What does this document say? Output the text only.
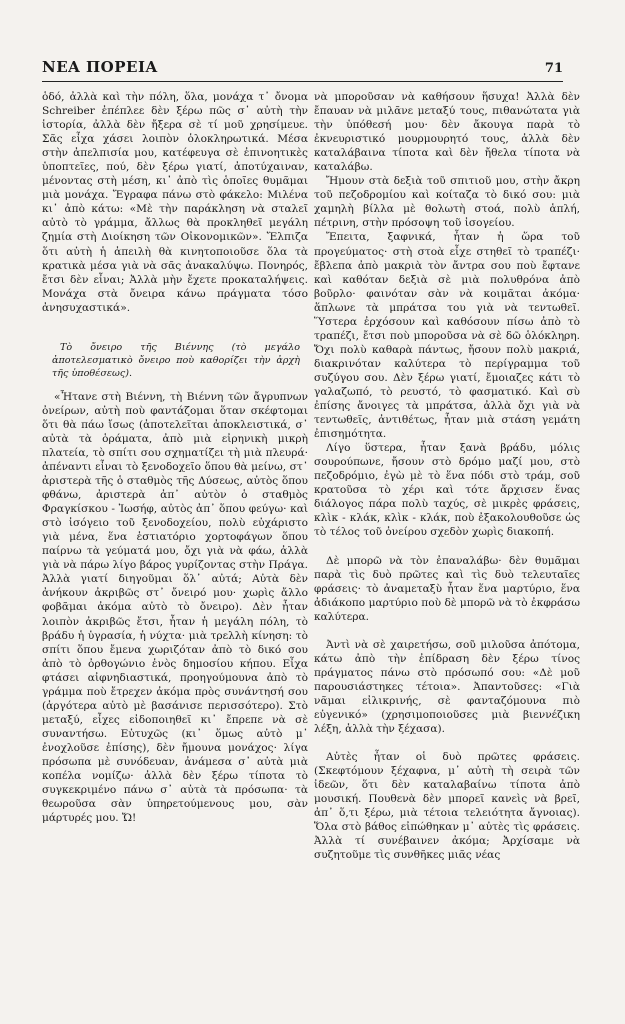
ΝΕΑ ΠΟΡΕΙΑ	71

ὁδό, ἀλλὰ καὶ τὴν πόλη, ὅλα, μονάχα τ᾽ ὄνομα Schreiber ἐπέπλεε δὲν ξέρω πῶς σ᾽ αὐτὴ τὴν ἱστορία, ἀλλὰ δὲν ἤξερα σὲ τί μοῦ χρησίμευε. Σᾶς εἶχα χάσει λοιπὸν ὁλοκληρωτικά. Μέσα στὴν ἀπελπισία μου, κατέφευγα σὲ ἐπινοητικὲς ὑποπτεῖες, πού, δὲν ξέρω γιατί, ἀποτύχαιναν, μένοντας στὴ μέση, κι᾽ ἀπὸ τὶς ὁποῖες θυμᾶμαι μιὰ μονάχα. Ἔγραφα πάνω στὸ φάκελο: Μιλένα κι᾽ ἀπὸ κάτω: «Μὲ τὴν παράκληση νὰ σταλεῖ αὐτὸ τὸ γράμμα, ἄλλως θὰ προκληθεῖ μεγάλη ζημία στὴ Διοίκηση τῶν Οἰκονομικῶν». Ἔλπιζα ὅτι αὐτὴ ἡ ἀπειλὴ θὰ κινητοποιοῦσε ὅλα τὰ κρατικὰ μέσα γιὰ νὰ σᾶς ἀνακαλύψω. Πονηρός, ἔτσι δὲν εἶναι; Ἀλλὰ μὴν ἔχετε προκαταλήψεις. Μονάχα στὰ ὄνειρα κάνω πράγματα τόσο ἀνησυχαστικά».

Τὸ ὄνειρο τῆς Βιέννης (τὸ μεγάλο ἀποτελεσματικὸ ὄνειρο ποὺ καθορίζει τὴν ἀρχὴ τῆς ὑποθέσεως).

«Ἦτανε στὴ Βιέννη, τὴ Βιέννη τῶν ἄγρυπνων ὀνείρων, αὐτὴ ποὺ φαντάζομαι ὅταν σκέφτομαι ὅτι θὰ πάω ἴσως (ἀποτελεῖται ἀποκλειστικά, σ᾽ αὐτὰ τὰ ὁράματα, ἀπὸ μιὰ εἰρηνικὴ μικρὴ πλατεία, τὸ σπίτι σου σχηματίζει τὴ μιὰ πλευρά· ἀπέναντι εἶναι τὸ ξενοδοχεῖο ὅπου θὰ μείνω, στ᾽ ἀριστερὰ τῆς ὁ σταθμὸς τῆς Δύσεως, αὐτὸς ὅπου φθάνω, ἀριστερὰ ἀπ᾽ αὐτὸν ὁ σταθμὸς Φραγκίσκου - Ἰωσήφ, αὐτὸς ἀπ᾽ ὅπου φεύγω· καὶ στὸ ἰσόγειο τοῦ ξενοδοχείου, πολὺ εὐχάριστο γιὰ μένα, ἕνα ἑστιατόριο χορτοφάγων ὅπου παίρνω τὰ γεύματά μου, ὄχι γιὰ νὰ φάω, ἀλλὰ γιὰ νὰ πάρω λίγο βάρος γυρίζοντας στὴν Πράγα. Ἀλλὰ γιατί διηγοῦμαι ὅλ᾽ αὐτά; Αὐτὰ δὲν ἀνήκουν ἀκριβῶς στ᾽ ὄνειρό μου· χωρὶς ἄλλο φοβᾶμαι ἀκόμα αὐτὸ τὸ ὄνειρο). Δὲν ἦταν λοιπὸν ἀκριβῶς ἔτσι, ἦταν ἡ μεγάλη πόλη, τὸ βράδυ ἡ ὑγρασία, ἡ νύχτα· μιὰ τρελλὴ κίνηση: τὸ σπίτι ὅπου ἔμενα χωριζόταν ἀπὸ τὸ δικό σου ἀπὸ τὸ ὀρθογώνιο ἑνὸς δημοσίου κήπου. Εἶχα φτάσει αἰφνηδιαστικά, προηγούμουνα ἀπὸ τὸ γράμμα ποὺ ἔτρεχεν ἀκόμα πρὸς συνάντησή σου (ἀργότερα αὐτὸ μὲ βασάνισε περισσότερο). Στὸ μεταξύ, εἶχες εἰδοποιηθεῖ κι᾽ ἔπρεπε νὰ σὲ συναντήσω. Εὐτυχῶς (κι᾽ ὅμως αὐτὸ μ᾽ ἐνοχλοῦσε ἐπίσης), δὲν ἤμουνα μονάχος· λίγα πρόσωπα μὲ συνόδευαν, ἀνάμεσα σ᾽ αὐτὰ μιὰ κοπέλα νομίζω· ἀλλὰ δὲν ξέρω τίποτα τὸ συγκεκριμένο πάνω σ᾽ αὐτὰ τὰ πρόσωπα· τὰ θεωροῦσα σὰν ὑπηρετούμενους μου, σὰν μάρτυρές μου. Ὤ!

νὰ μποροῦσαν νὰ καθήσουν ἥσυχα! Ἀλλὰ δὲν ἔπαυαν νὰ μιλᾶνε μεταξύ τους, πιθανώτατα γιὰ τὴν ὑπόθεσή μου· δὲν ἄκουγα παρὰ τὸ ἐκνευριστικό μουρμουρητό τους, ἀλλὰ δὲν καταλάβαινα τίποτα καὶ δὲν ἤθελα τίποτα νὰ καταλάβω.

Ἤμουν στὰ δεξιὰ τοῦ σπιτιοῦ μου, στὴν ἄκρη τοῦ πεζοδρομίου καὶ κοίταζα τὸ δικό σου: μιὰ χαμηλὴ βίλλα μὲ θολωτὴ στοά, πολὺ ἁπλή, πέτρινη, στὴν πρόσοψη τοῦ ἰσογείου.

Ἔπειτα, ξαφνικά, ἦταν ἡ ὥρα τοῦ προγεύματος· στὴ στοὰ εἶχε στηθεῖ τὸ τραπέζι· ἔβλεπα ἀπὸ μακριὰ τὸν ἄντρα σου ποὺ ἔφτανε καὶ καθόταν δεξιὰ σὲ μιὰ πολυθρόνα ἀπὸ βοῦρλο· φαινόταν σὰν νὰ κοιμᾶται ἀκόμα· ἅπλωνε τὰ μπράτσα του γιὰ νὰ τεντωθεῖ. Ὕστερα ἐρχόσουν καὶ καθόσουν πίσω ἀπὸ τὸ τραπέζι, ἔτσι ποὺ μποροῦσα νὰ σὲ δῶ ὁλόκληρη. Ὄχι πολὺ καθαρὰ πάντως, ἤσουν πολὺ μακριά, διακρινόταν καλύτερα τὸ περίγραμμα τοῦ συζύγου σου. Δὲν ξέρω γιατί, ἔμοιαζες κάτι τὸ γαλαζωπό, τὸ ρευστό, τὸ φασματικό. Καὶ σὺ ἐπίσης ἄνοιγες τὰ μπράτσα, ἀλλὰ ὄχι γιὰ νὰ τεντωθεῖς, ἀντιθέτως, ἦταν μιὰ στάση γεμάτη ἐπισημότητα.

Λίγο ὕστερα, ἦταν ξανὰ βράδυ, μόλις σουρούπωνε, ἤσουν στὸ δρόμο μαζί μου, στὸ πεζοδρόμιο, ἐγὼ μὲ τὸ ἕνα πόδι στὸ τράμ, σοῦ κρατοῦσα τὸ χέρι καὶ τότε ἄρχισεν ἕνας διάλογος πάρα πολὺ ταχύς, σὲ μικρὲς φράσεις, κλὶκ - κλάκ, κλὶκ - κλάκ, ποὺ ἐξακολουθοῦσε ὡς τὸ τέλος τοῦ ὀνείρου σχεδὸν χωρὶς διακοπή.

Δὲ μπορῶ νὰ τὸν ἐπαναλάβω· δὲν θυμᾶμαι παρὰ τὶς δυὸ πρῶτες καὶ τὶς δυὸ τελευταῖες φράσεις· τὸ ἀναμεταξὺ ἦταν ἕνα μαρτύριο, ἕνα ἀδιάκοπο μαρτύριο ποὺ δὲ μπορῶ νὰ τὸ ἐκφράσω καλύτερα.

Ἀντὶ νὰ σὲ χαιρετήσω, σοῦ μιλοῦσα ἀπότομα, κάτω ἀπὸ τὴν ἐπίδραση δὲν ξέρω τίνος πράγματος πάνω στὸ πρόσωπό σου: «Δὲ μοῦ παρουσιάστηκες τέτοια». Ἀπαντοῦσες: «Γιὰ νᾶμαι εἰλικρινής, σὲ φανταζόμουνα πιὸ εὐγενικό» (χρησιμοποιοῦσες μιὰ βιεννέζικη λέξη, ἀλλὰ τὴν ξέχασα).

Αὐτὲς ἦταν οἱ δυὸ πρῶτες φράσεις. (Σκεφτόμουν ξέχαφνα, μ᾽ αὐτὴ τὴ σειρὰ τῶν ἰδεῶν, ὅτι δὲν καταλαβαίνω τίποτα ἀπὸ μουσική. Πουθενὰ δὲν μπορεῖ κανεὶς νὰ βρεῖ, ἀπ᾽ ὅ,τι ξέρω, μιὰ τέτοια τελειότητα ἄγνοιας). Ὅλα στὸ βάθος εἰπώθηκαν μ᾽ αὐτὲς τὶς φράσεις. Ἀλλὰ τί συνέβαινεν ἀκόμα; Ἀρχίσαμε νὰ συζητοῦμε τὶς συνθῆκες μιᾶς νέας
